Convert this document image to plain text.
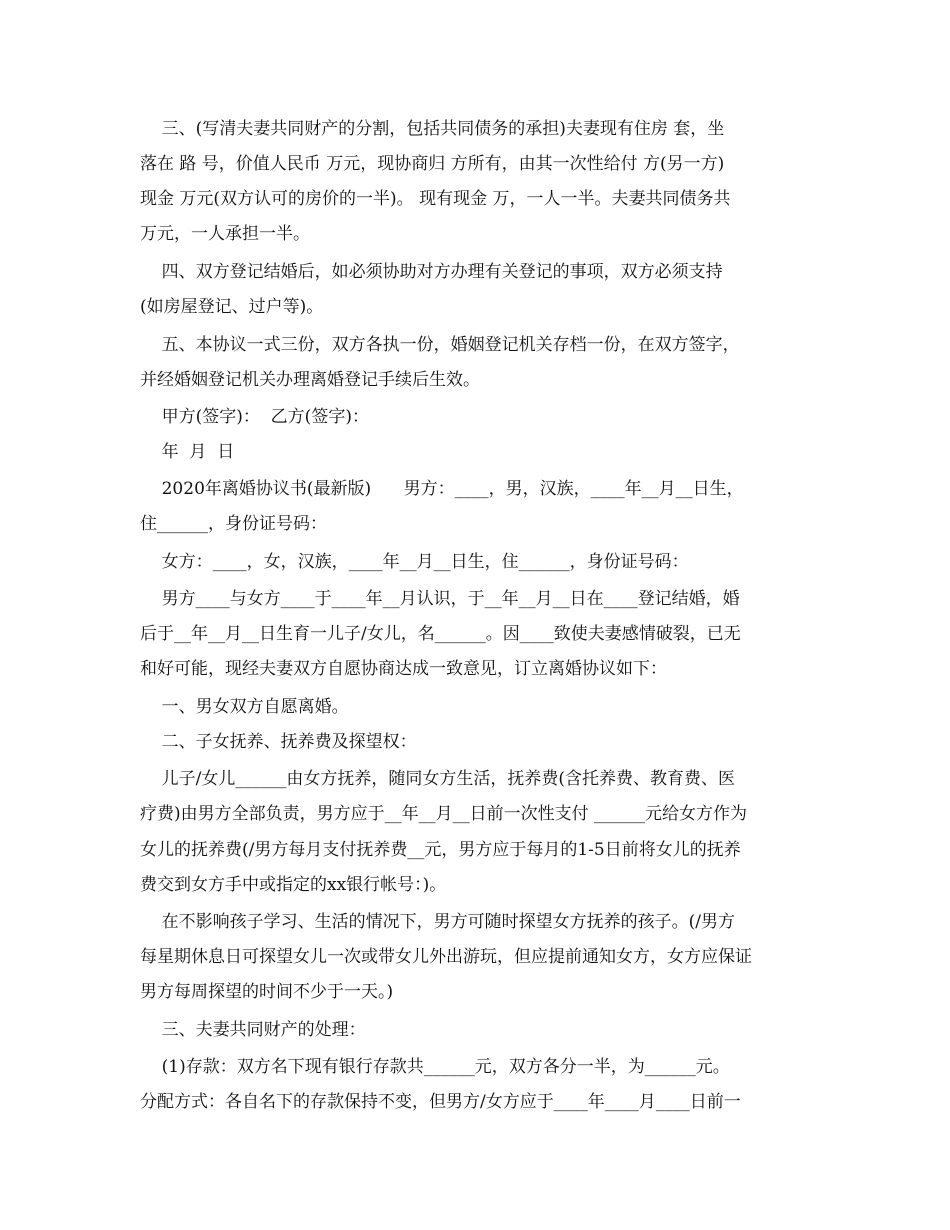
三、(写清夫妻共同财产的分割，包括共同债务的承担)夫妻现有住房 套，坐
落在 路 号，价值人民币 万元，现协商归 方所有，由其一次性给付 方(另一方)
现金 万元(双方认可的房价的一半)。 现有现金 万，一人一半。夫妻共同债务共
万元，一人承担一半。
四、双方登记结婚后，如必须协助对方办理有关登记的事项，双方必须支持
(如房屋登记、过户等)。
五、本协议一式三份，双方各执一份，婚姻登记机关存档一份，在双方签字，
并经婚姻登记机关办理离婚登记手续后生效。
甲方(签字)：  乙方(签字)：
年  月  日
2020年离婚协议书(最新版)      男方：____，男，汉族，____年__月__日生，
住______，身份证号码：
女方：____，女，汉族，____年__月__日生，住______，身份证号码：
男方____与女方____于____年__月认识，于__年__月__日在____登记结婚，婚
后于__年__月__日生育一儿子/女儿，名______。因____致使夫妻感情破裂，已无
和好可能，现经夫妻双方自愿协商达成一致意见，订立离婚协议如下：
一、男女双方自愿离婚。
二、子女抚养、抚养费及探望权：
儿子/女儿______由女方抚养，随同女方生活，抚养费(含托养费、教育费、医
疗费)由男方全部负责，男方应于__年__月__日前一次性支付 ______元给女方作为
女儿的抚养费(/男方每月支付抚养费__元，男方应于每月的1-5日前将女儿的抚养
费交到女方手中或指定的xx银行帐号：)。
在不影响孩子学习、生活的情况下，男方可随时探望女方抚养的孩子。(/男方
每星期休息日可探望女儿一次或带女儿外出游玩，但应提前通知女方，女方应保证
男方每周探望的时间不少于一天。)
三、夫妻共同财产的处理：
(1)存款：双方名下现有银行存款共______元，双方各分一半，为______元。
分配方式：各自名下的存款保持不变，但男方/女方应于____年____月____日前一
